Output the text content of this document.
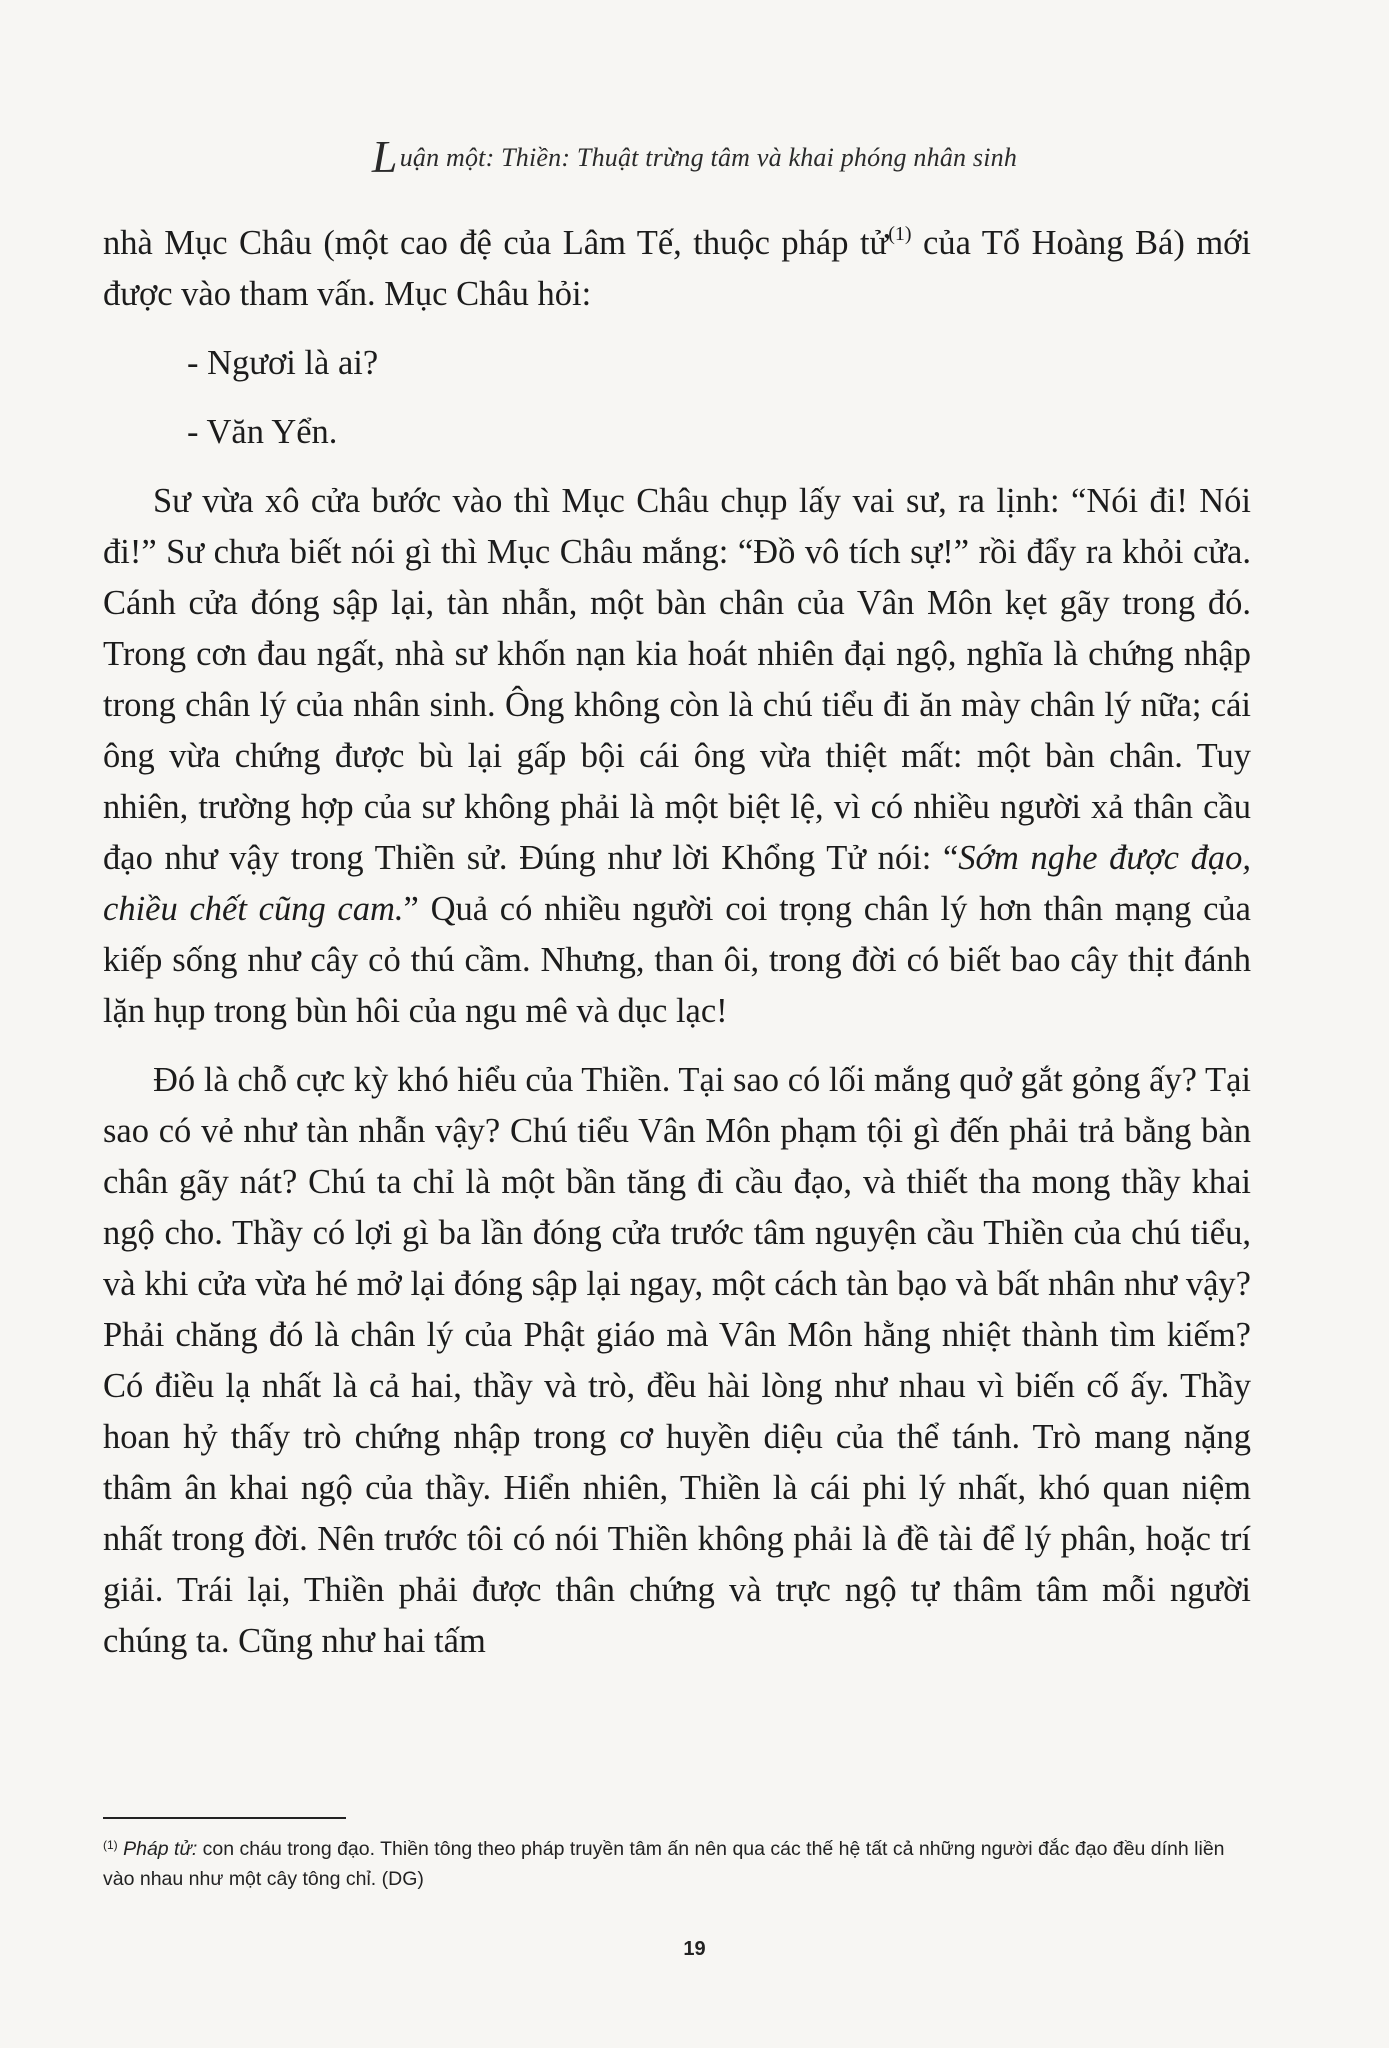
Luận một: Thiền: Thuật trừng tâm và khai phóng nhân sinh

nhà Mục Châu (một cao đệ của Lâm Tế, thuộc pháp tử$^{(1)}$ của Tổ Hoàng Bá) mới được vào tham vấn. Mục Châu hỏi:

- Ngươi là ai?

- Văn Yển.

Sư vừa xô cửa bước vào thì Mục Châu chụp lấy vai sư, ra lịnh: “Nói đi! Nói đi!” Sư chưa biết nói gì thì Mục Châu mắng: “Đồ vô tích sự!” rồi đẩy ra khỏi cửa. Cánh cửa đóng sập lại, tàn nhẫn, một bàn chân của Vân Môn kẹt gãy trong đó. Trong cơn đau ngất, nhà sư khốn nạn kia hoát nhiên đại ngộ, nghĩa là chứng nhập trong chân lý của nhân sinh. Ông không còn là chú tiểu đi ăn mày chân lý nữa; cái ông vừa chứng được bù lại gấp bội cái ông vừa thiệt mất: một bàn chân. Tuy nhiên, trường hợp của sư không phải là một biệt lệ, vì có nhiều người xả thân cầu đạo như vậy trong Thiền sử. Đúng như lời Khổng Tử nói: “Sớm nghe được đạo, chiều chết cũng cam.” Quả có nhiều người coi trọng chân lý hơn thân mạng của kiếp sống như cây cỏ thú cầm. Nhưng, than ôi, trong đời có biết bao cây thịt đánh lặn hụp trong bùn hôi của ngu mê và dục lạc!

Đó là chỗ cực kỳ khó hiểu của Thiền. Tại sao có lối mắng quở gắt gỏng ấy? Tại sao có vẻ như tàn nhẫn vậy? Chú tiểu Vân Môn phạm tội gì đến phải trả bằng bàn chân gãy nát? Chú ta chỉ là một bần tăng đi cầu đạo, và thiết tha mong thầy khai ngộ cho. Thầy có lợi gì ba lần đóng cửa trước tâm nguyện cầu Thiền của chú tiểu, và khi cửa vừa hé mở lại đóng sập lại ngay, một cách tàn bạo và bất nhân như vậy? Phải chăng đó là chân lý của Phật giáo mà Vân Môn hằng nhiệt thành tìm kiếm? Có điều lạ nhất là cả hai, thầy và trò, đều hài lòng như nhau vì biến cố ấy. Thầy hoan hỷ thấy trò chứng nhập trong cơ huyền diệu của thể tánh. Trò mang nặng thâm ân khai ngộ của thầy. Hiển nhiên, Thiền là cái phi lý nhất, khó quan niệm nhất trong đời. Nên trước tôi có nói Thiền không phải là đề tài để lý phân, hoặc trí giải. Trái lại, Thiền phải được thân chứng và trực ngộ tự thâm tâm mỗi người chúng ta. Cũng như hai tấm

$^{(1)}$ Pháp tử: con cháu trong đạo. Thiền tông theo pháp truyền tâm ấn nên qua các thế hệ tất cả những người đắc đạo đều dính liền vào nhau như một cây tông chỉ. (DG)
19
